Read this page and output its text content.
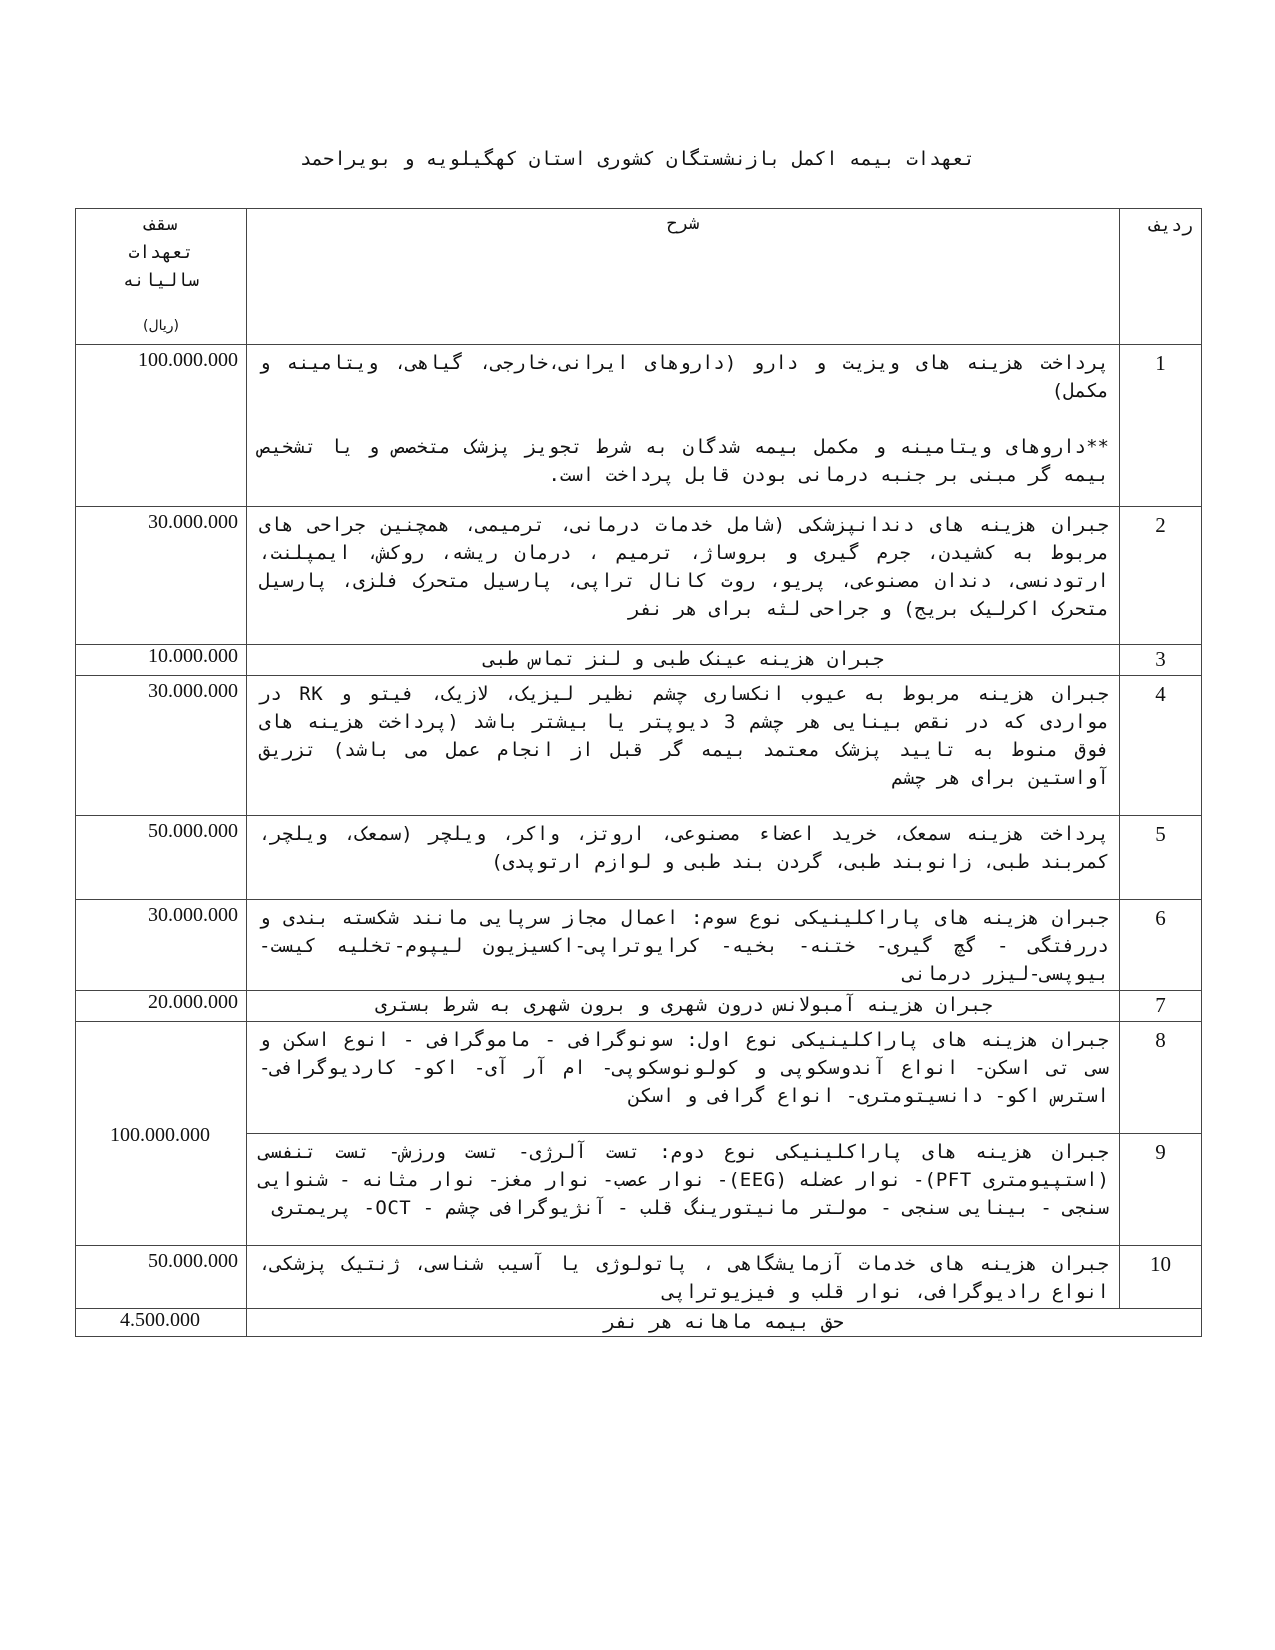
تعهدات بیمه اکمل بازنشستگان کشوری استان کهگیلویه و بویراحمد
ردیف	شرح	سقف
تعهدات
سالیانه
(ریال)

1	پرداخت هزینه های ویزیت و دارو (داروهای ایرانی،خارجی، گیاهی، ویتامینه و مکمل)

**داروهای ویتامینه و مکمل بیمه شدگان به شرط تجویز پزشک متخصص و یا تشخیص بیمه گر مبنی بر جنبه درمانی بودن قابل پرداخت است.	100.000.000
2	جبران هزینه های دندانپزشکی (شامل خدمات درمانی، ترمیمی، همچنین جراحی های مربوط به کشیدن، جرم گیری و بروساژ، ترمیم ، درمان ریشه، روکش، ایمپلنت، ارتودنسی، دندان مصنوعی، پریو، روت کانال تراپی، پارسیل متحرک فلزی، پارسیل متحرک اکرلیک بریج) و جراحی لثه برای هر نفر	30.000.000
3	جبران هزینه عینک طبی و لنز تماس طبی	10.000.000
4	جبران هزینه مربوط به عیوب انکساری چشم نظیر لیزیک، لازیک، فیتو و RK در مواردی که در نقص بینایی هر چشم 3 دیوپتر یا بیشتر باشد (پرداخت هزینه های فوق منوط به تایید پزشک معتمد بیمه گر قبل از انجام عمل می باشد) تزریق آواستین برای هر چشم	30.000.000
5	پرداخت هزینه سمعک، خرید اعضاء مصنوعی، اروتز، واکر، ویلچر (سمعک، ویلچر، کمربند طبی، زانوبند طبی، گردن بند طبی و لوازم ارتوپدی)	50.000.000
6	جبران هزینه های پاراکلینیکی نوع سوم: اعمال مجاز سرپایی مانند شکسته بندی و دررفتگی - گچ گیری- ختنه- بخیه- کرایوتراپی-اکسیزیون لیپوم-تخلیه کیست-بیوپسی-لیزر درمانی	30.000.000
7	جبران هزینه آمبولانس درون شهری و برون شهری به شرط بستری	20.000.000
8	جبران هزینه های پاراکلینیکی نوع اول: سونوگرافی - ماموگرافی - انوع اسکن و سی تی اسکن- انواع آندوسکوپی و کولونوسکوپی- ام آر آی- اکو- کاردیوگرافی- استرس اکو- دانسیتومتری- انواع گرافی و اسکن	100.000.000
9	جبران هزینه های پاراکلینیکی نوع دوم: تست آلرژی- تست ورزش- تست تنفسی (استپیومتری PFT)- نوار عضله (EEG)- نوار عصب- نوار مغز- نوار مثانه - شنوایی سنجی - بینایی سنجی - مولتر مانیتورینگ قلب - آنژیوگرافی چشم - OCT- پریمتری	
10	جبران هزینه های خدمات آزمایشگاهی ، پاتولوژی یا آسیب شناسی، ژنتیک پزشکی، انواع رادیوگرافی، نوار قلب و فیزیوتراپی	50.000.000
حق بیمه ماهانه هر نفر		4.500.000
